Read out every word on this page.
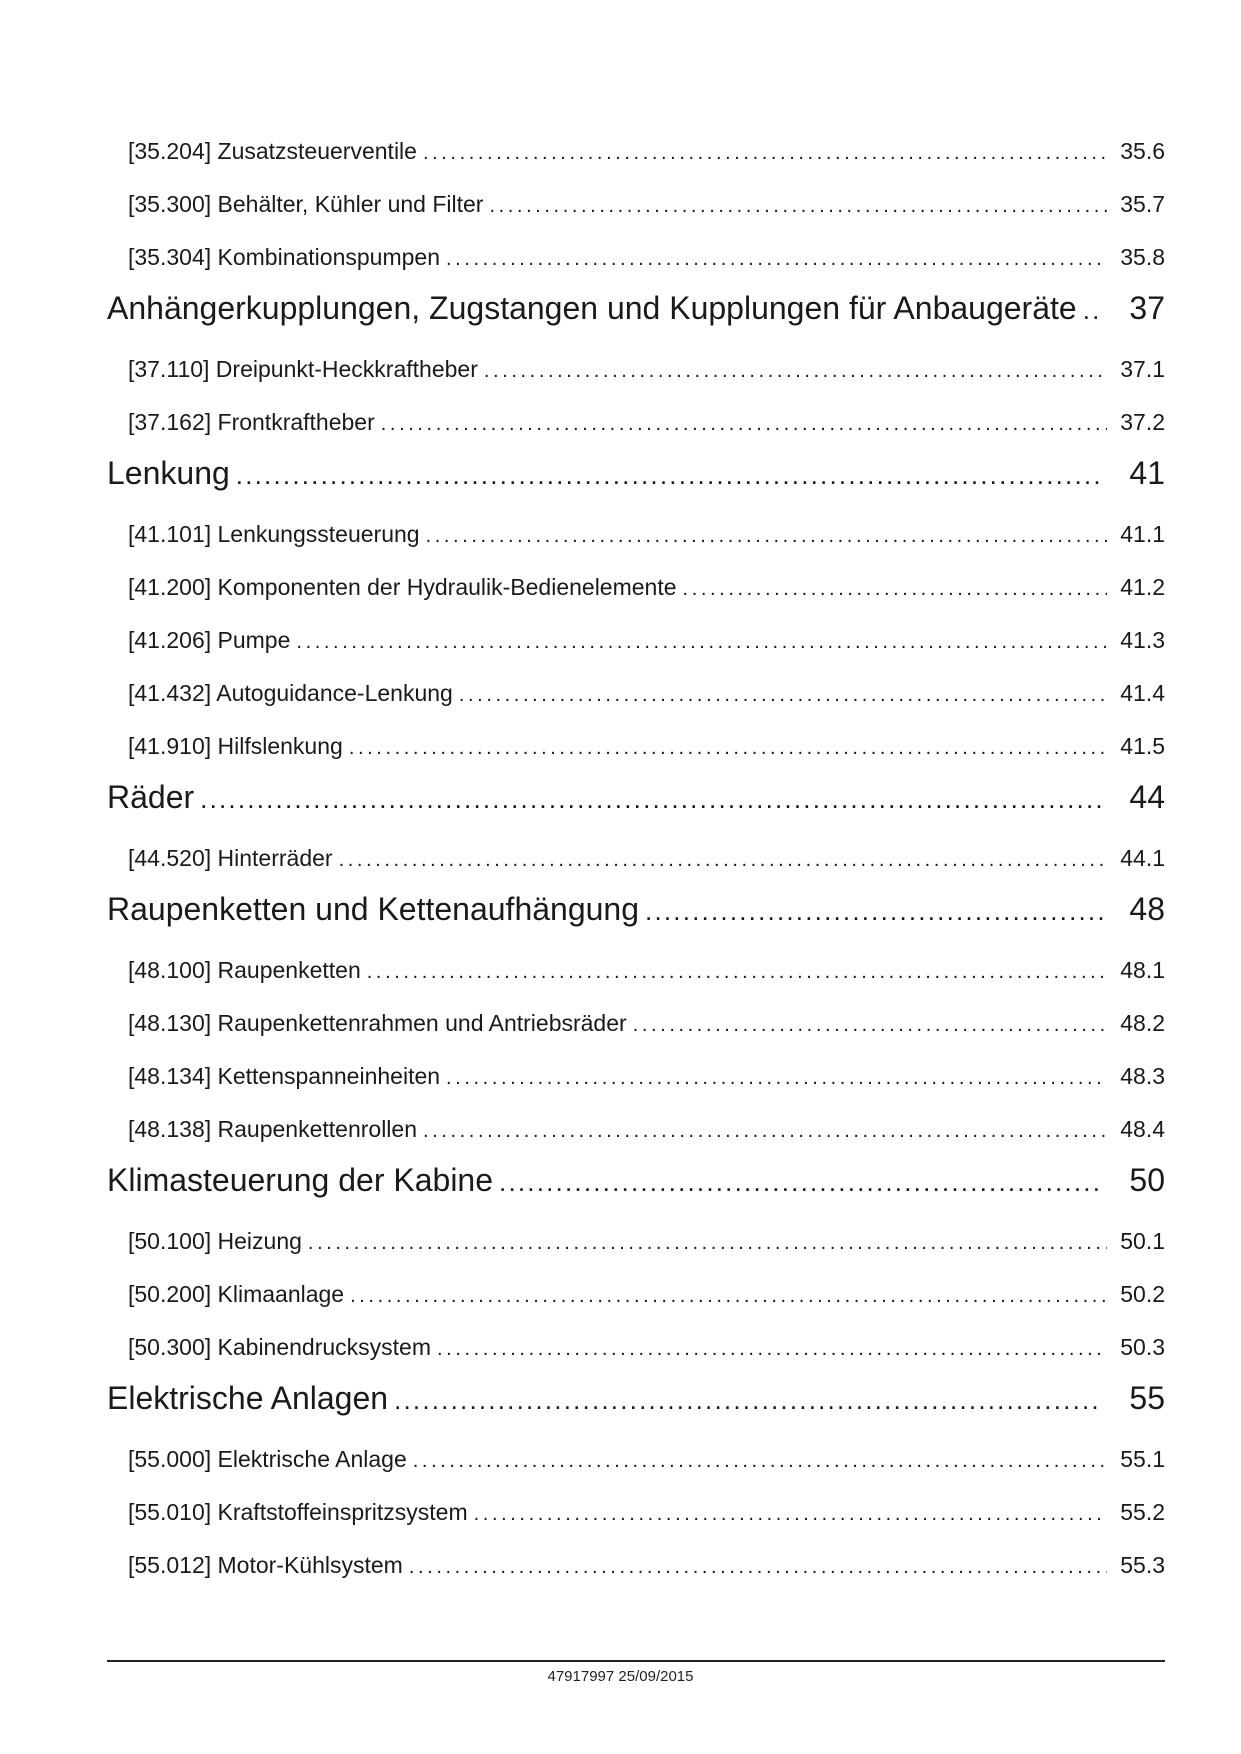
[35.204] Zusatzsteuerventile .....	35.6
[35.300] Behälter, Kühler und Filter .....	35.7
[35.304] Kombinationspumpen .....	35.8
Anhängerkupplungen, Zugstangen und Kupplungen für Anbaugeräte ..... 37
[37.110] Dreipunkt-Heckkraftheber .....	37.1
[37.162] Frontkraftheber .....	37.2
Lenkung .....	41
[41.101] Lenkungssteuerung .....	41.1
[41.200] Komponenten der Hydraulik-Bedienelemente .....	41.2
[41.206] Pumpe .....	41.3
[41.432] Autoguidance-Lenkung .....	41.4
[41.910] Hilfslenkung .....	41.5
Räder .....	44
[44.520] Hinterräder .....	44.1
Raupenketten und Kettenaufhängung .....	48
[48.100] Raupenketten .....	48.1
[48.130] Raupenkettenrahmen und Antriebsräder .....	48.2
[48.134] Kettenspanneinheiten .....	48.3
[48.138] Raupenkettenrollen .....	48.4
Klimasteuerung der Kabine .....	50
[50.100] Heizung .....	50.1
[50.200] Klimaanlage .....	50.2
[50.300] Kabinendrucksystem .....	50.3
Elektrische Anlagen .....	55
[55.000] Elektrische Anlage .....	55.1
[55.010] Kraftstoffeinspritzsystem .....	55.2
[55.012] Motor-Kühlsystem .....	55.3
47917997 25/09/2015
